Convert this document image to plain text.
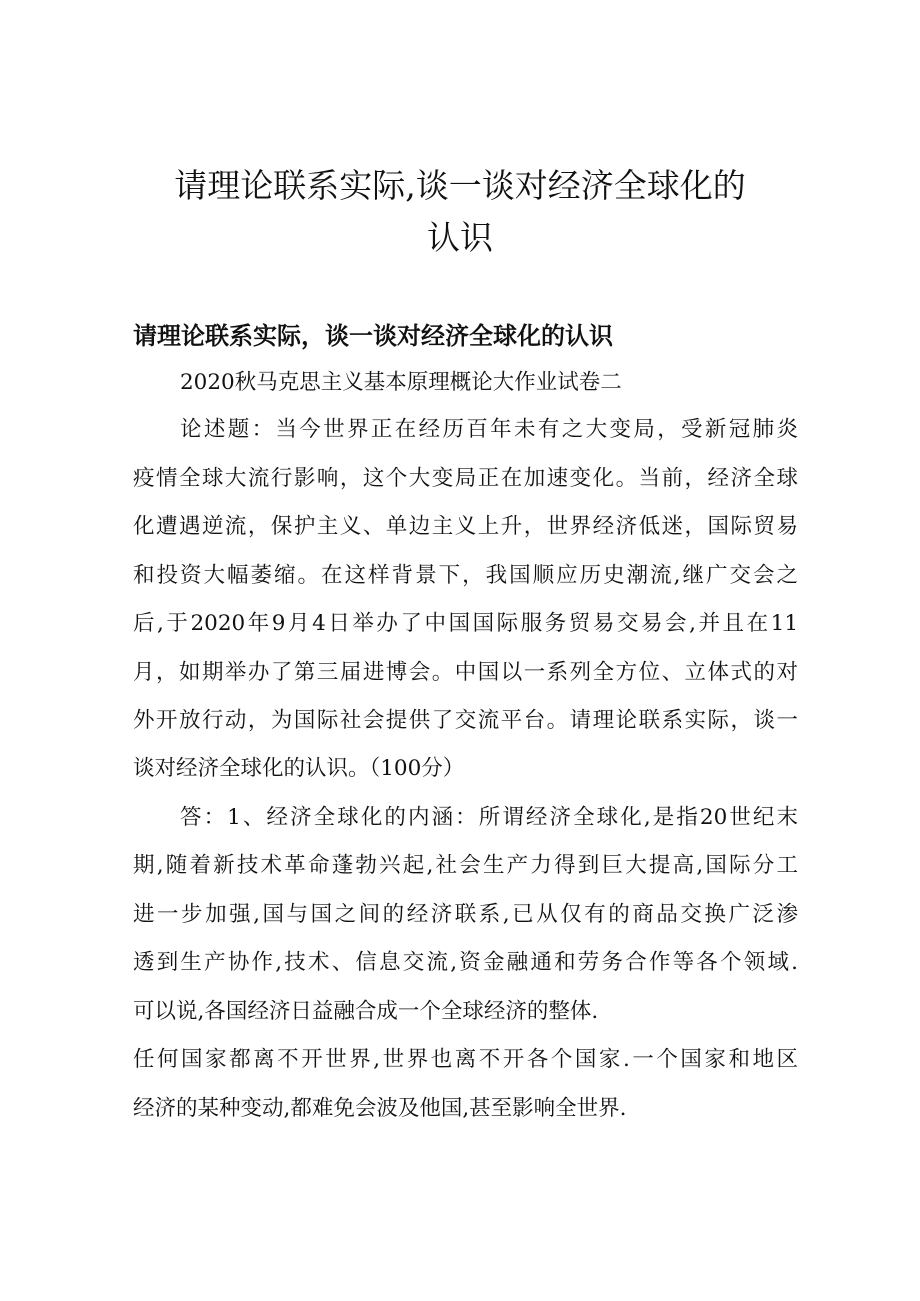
请理论联系实际,谈一谈对经济全球化的
认识
请理论联系实际，谈一谈对经济全球化的认识

2020秋马克思主义基本原理概论大作业试卷二

论述题：当今世界正在经历百年未有之大变局，受新冠肺炎

疫情全球大流行影响，这个大变局正在加速变化。当前，经济全球

化遭遇逆流，保护主义、单边主义上升，世界经济低迷，国际贸易

和投资大幅萎缩。在这样背景下，我国顺应历史潮流,继广交会之

后,于2020年9月4日举办了中国国际服务贸易交易会,并且在11

月，如期举办了第三届进博会。中国以一系列全方位、立体式的对

外开放行动，为国际社会提供了交流平台。请理论联系实际，谈一

谈对经济全球化的认识。（100分）

答：1、经济全球化的内涵：所谓经济全球化,是指20世纪末

期,随着新技术革命蓬勃兴起,社会生产力得到巨大提高,国际分工

进一步加强,国与国之间的经济联系,已从仅有的商品交换广泛渗

透到生产协作,技术、信息交流,资金融通和劳务合作等各个领域.

可以说,各国经济日益融合成一个全球经济的整体.

任何国家都离不开世界,世界也离不开各个国家.一个国家和地区

经济的某种变动,都难免会波及他国,甚至影响全世界.
